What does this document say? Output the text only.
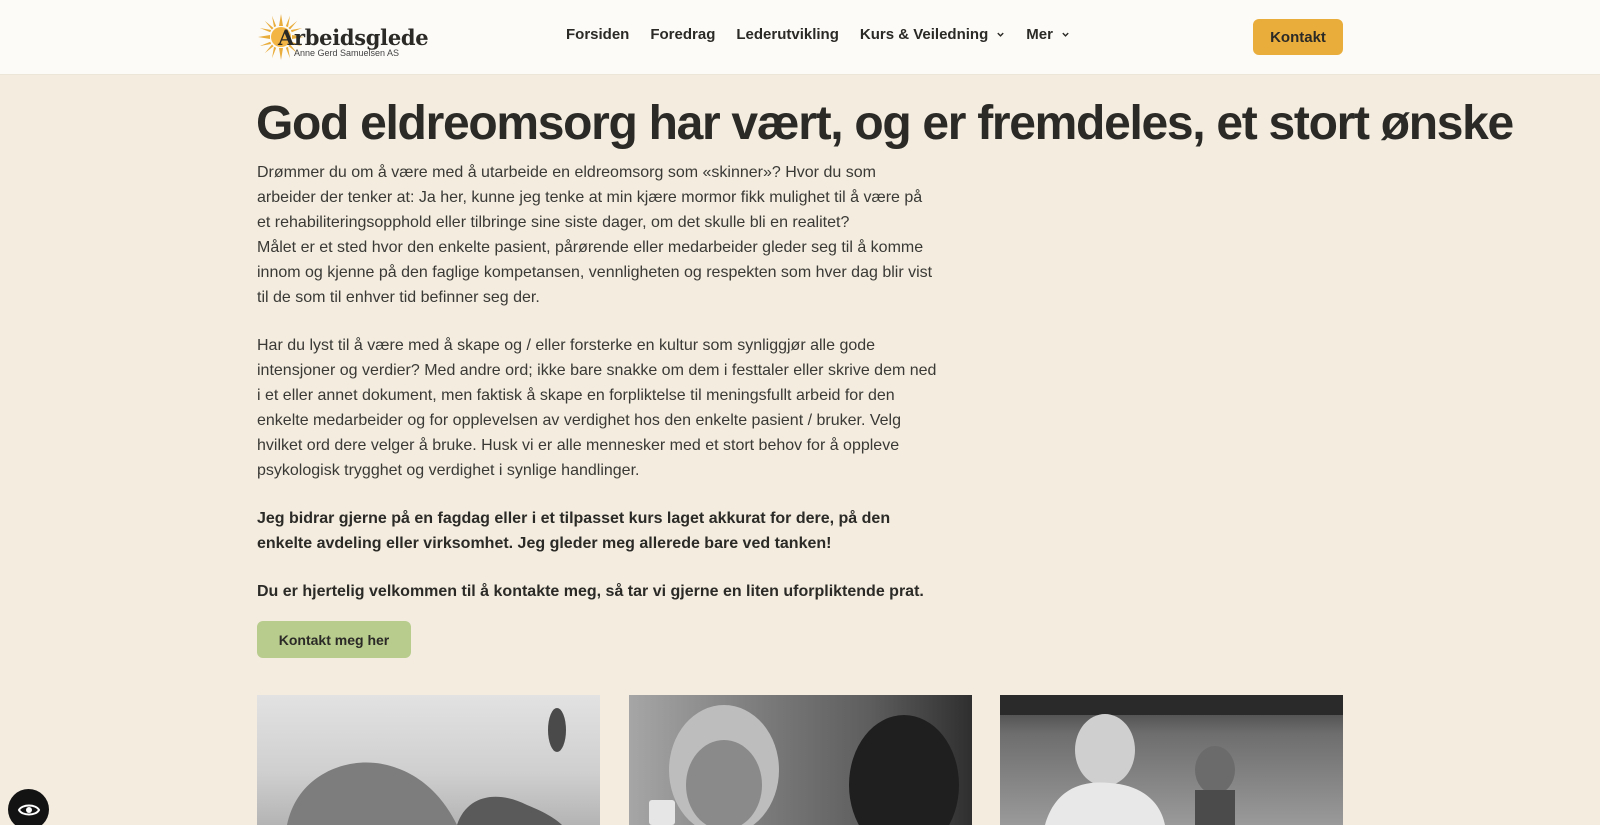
Arbeidsglede
Anne Gerd Samuelsen AS
Forsiden Foredrag Lederutvikling Kurs & Veiledning	Mer	Kontakt
God eldreomsorg har vært, og er fremdeles, et stort ønske
Drømmer du om å være med å utarbeide en eldreomsorg som «skinner»? Hvor du som arbeider der tenker at: Ja her, kunne jeg tenke at min kjære mormor fikk mulighet til å være på et rehabiliteringsopphold eller tilbringe sine siste dager, om det skulle bli en realitet?
Målet er et sted hvor den enkelte pasient, pårørende eller medarbeider gleder seg til å komme innom og kjenne på den faglige kompetansen, vennligheten og respekten som hver dag blir vist til de som til enhver tid befinner seg der.

Har du lyst til å være med å skape og / eller forsterke en kultur som synliggjør alle gode intensjoner og verdier? Med andre ord; ikke bare snakke om dem i festtaler eller skrive dem ned i et eller annet dokument, men faktisk å skape en forpliktelse til meningsfullt arbeid for den enkelte medarbeider og for opplevelsen av verdighet hos den enkelte pasient / bruker. Velg hvilket ord dere velger å bruke. Husk vi er alle mennesker med et stort behov for å oppleve psykologisk trygghet og verdighet i synlige handlinger.

Jeg bidrar gjerne på en fagdag eller i et tilpasset kurs laget akkurat for dere, på den enkelte avdeling eller virksomhet. Jeg gleder meg allerede bare ved tanken!

Du er hjertelig velkommen til å kontakte meg, så tar vi gjerne en liten uforpliktende prat.

Kontakt meg her
